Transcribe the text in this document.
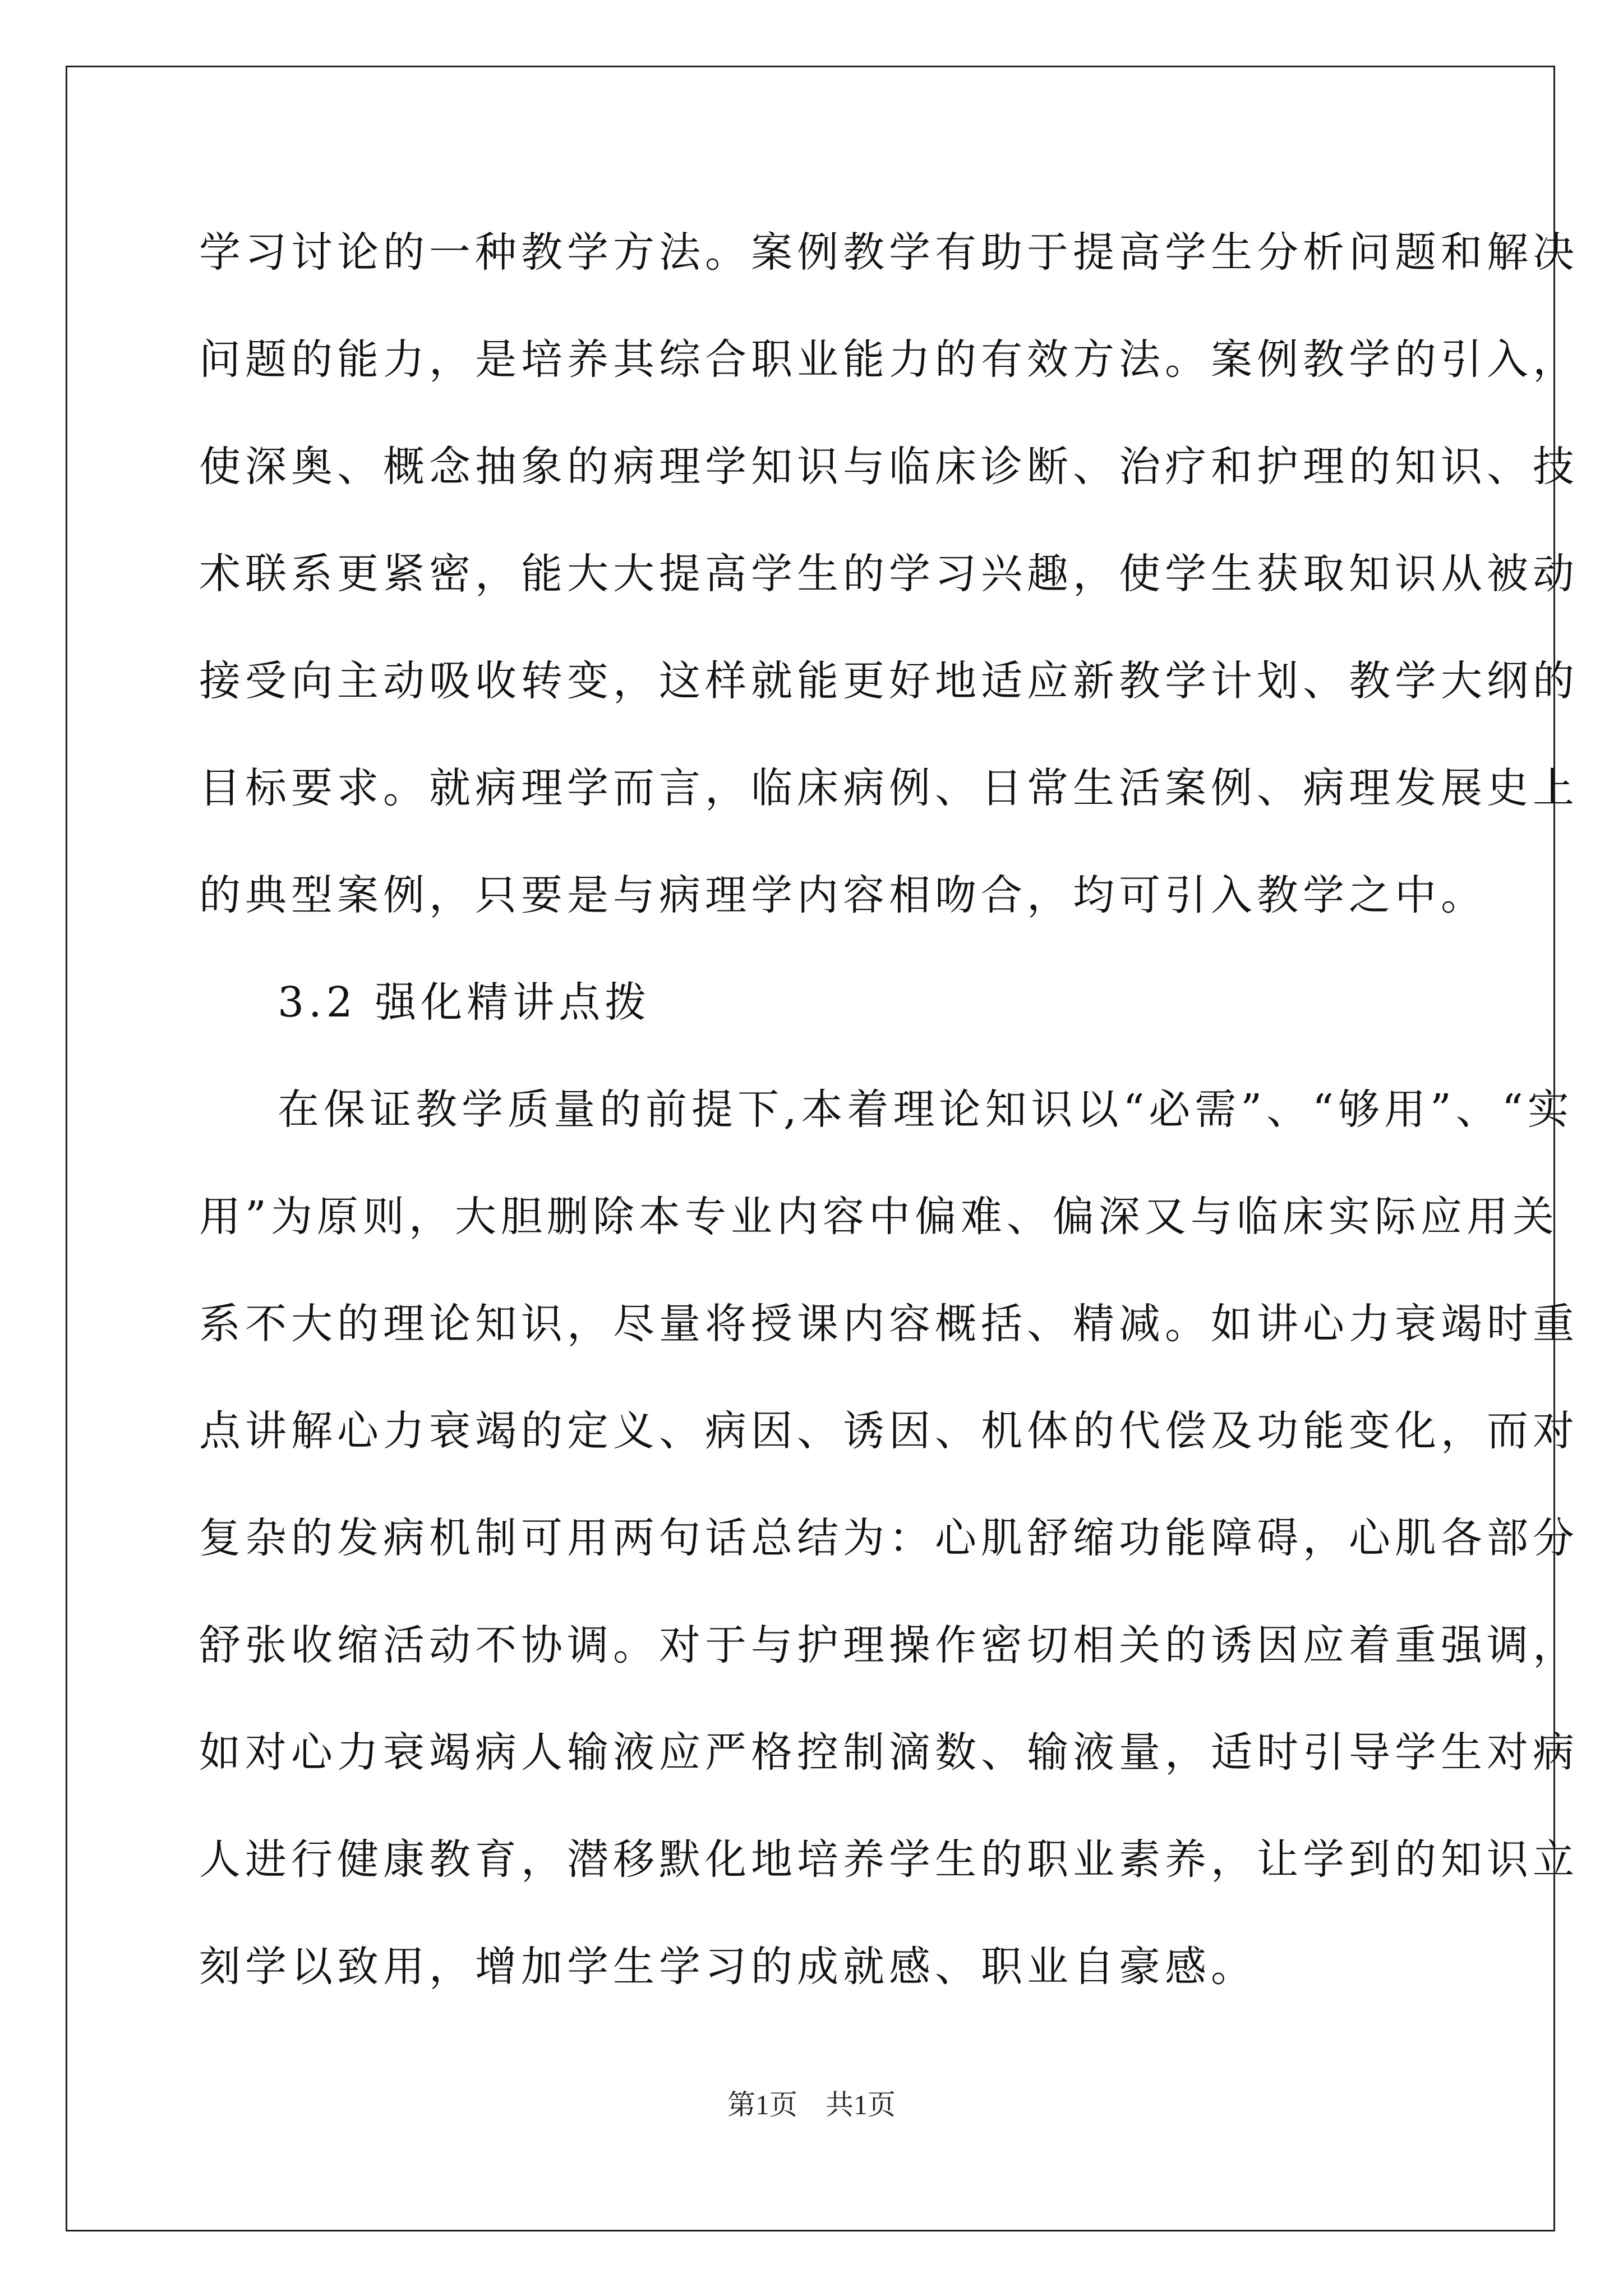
学习讨论的一种教学方法。案例教学有助于提高学生分析问题和解决
问题的能力，是培养其综合职业能力的有效方法。案例教学的引入，
使深奥、概念抽象的病理学知识与临床诊断、治疗和护理的知识、技
术联系更紧密，能大大提高学生的学习兴趣，使学生获取知识从被动
接受向主动吸收转变，这样就能更好地适应新教学计划、教学大纲的
目标要求。就病理学而言，临床病例、日常生活案例、病理发展史上
的典型案例，只要是与病理学内容相吻合，均可引入教学之中。
3.2 强化精讲点拨
在保证教学质量的前提下,本着理论知识以“必需”、“够用”、“实
用”为原则，大胆删除本专业内容中偏难、偏深又与临床实际应用关
系不大的理论知识，尽量将授课内容概括、精减。如讲心力衰竭时重
点讲解心力衰竭的定义、病因、诱因、机体的代偿及功能变化，而对
复杂的发病机制可用两句话总结为：心肌舒缩功能障碍，心肌各部分
舒张收缩活动不协调。对于与护理操作密切相关的诱因应着重强调，
如对心力衰竭病人输液应严格控制滴数、输液量，适时引导学生对病
人进行健康教育，潜移默化地培养学生的职业素养，让学到的知识立
刻学以致用，增加学生学习的成就感、职业自豪感。
第1页　共1页
